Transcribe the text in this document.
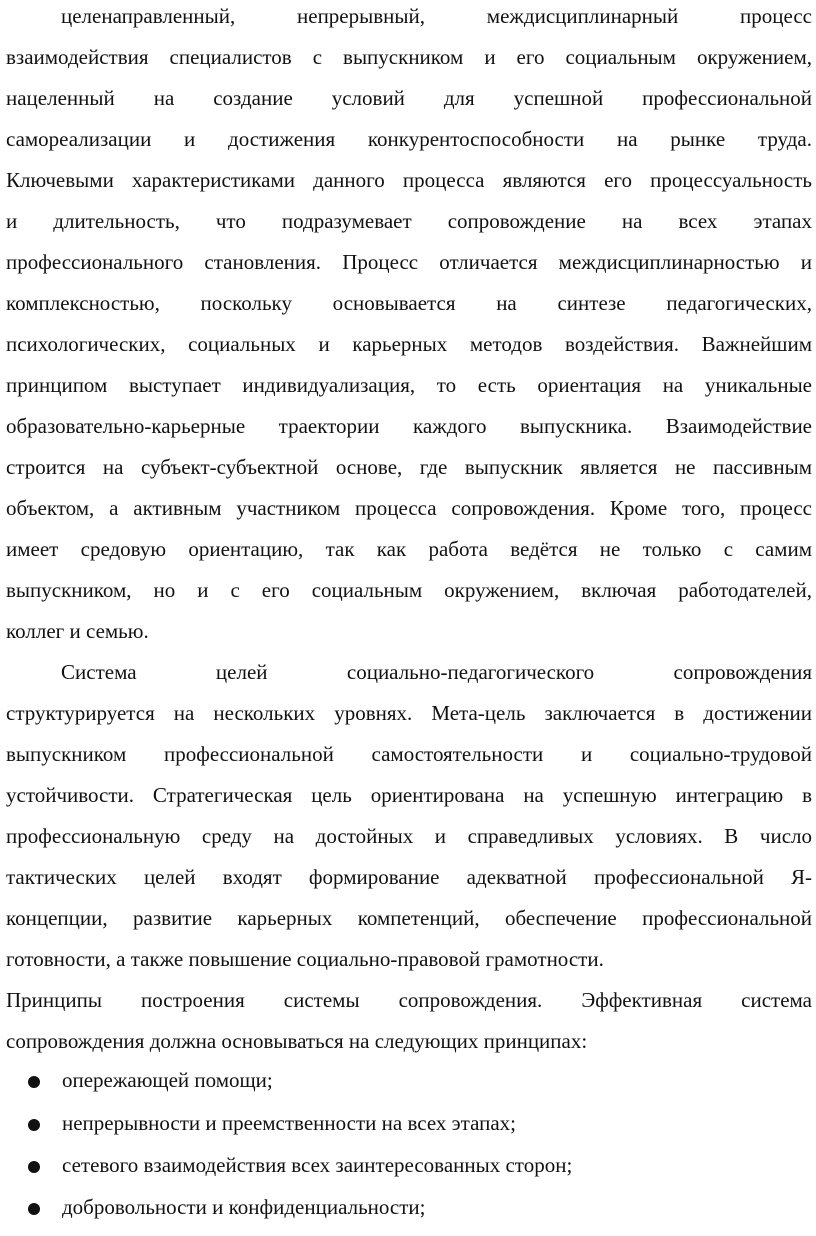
целенаправленный, непрерывный, междисциплинарный процесс
взаимодействия специалистов с выпускником и его социальным окружением,
нацеленный на создание условий для успешной профессиональной
самореализации и достижения конкурентоспособности на рынке труда.
Ключевыми характеристиками данного процесса являются его процессуальность
и длительность, что подразумевает сопровождение на всех этапах
профессионального становления. Процесс отличается междисциплинарностью и
комплексностью, поскольку основывается на синтезе педагогических,
психологических, социальных и карьерных методов воздействия. Важнейшим
принципом выступает индивидуализация, то есть ориентация на уникальные
образовательно-карьерные траектории каждого выпускника. Взаимодействие
строится на субъект-субъектной основе, где выпускник является не пассивным
объектом, а активным участником процесса сопровождения. Кроме того, процесс
имеет средовую ориентацию, так как работа ведётся не только с самим
выпускником, но и с его социальным окружением, включая работодателей,
коллег и семью.
Система целей социально-педагогического сопровождения
структурируется на нескольких уровнях. Мета-цель заключается в достижении
выпускником профессиональной самостоятельности и социально-трудовой
устойчивости. Стратегическая цель ориентирована на успешную интеграцию в
профессиональную среду на достойных и справедливых условиях. В число
тактических целей входят формирование адекватной профессиональной Я-
концепции, развитие карьерных компетенций, обеспечение профессиональной
готовности, а также повышение социально-правовой грамотности.
Принципы построения системы сопровождения. Эффективная система
сопровождения должна основываться на следующих принципах:
опережающей помощи;
непрерывности и преемственности на всех этапах;
сетевого взаимодействия всех заинтересованных сторон;
добровольности и конфиденциальности;
